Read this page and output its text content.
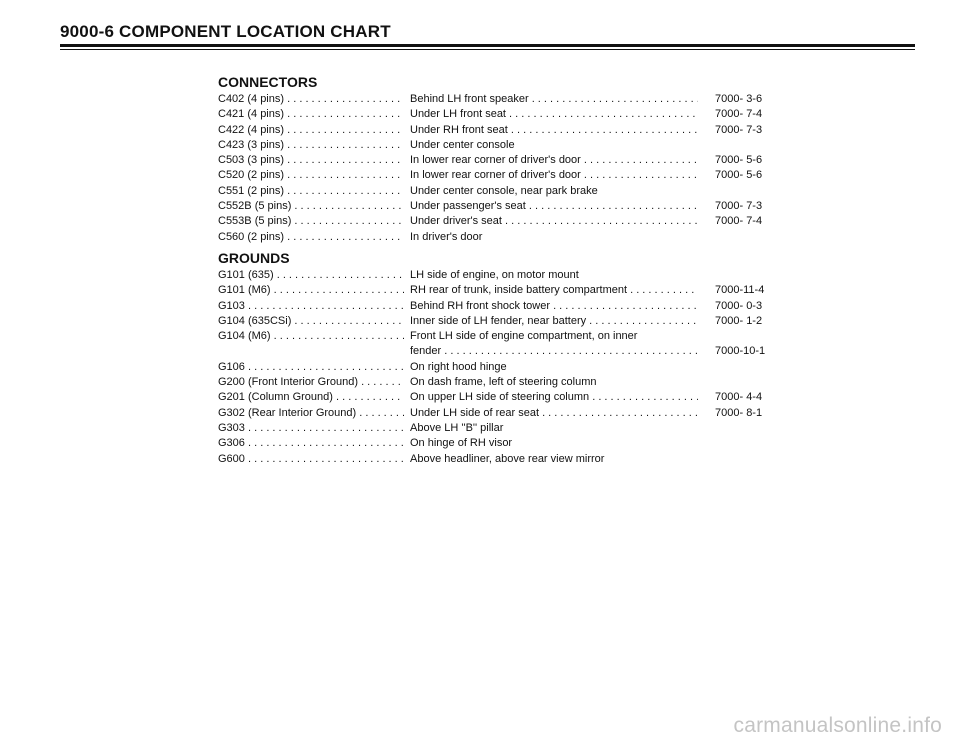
9000-6 COMPONENT LOCATION CHART
CONNECTORS
C402 (4 pins) . . .	Behind LH front speaker . . .	7000- 3-6
C421 (4 pins) . . .	Under LH front seat . . .	7000- 7-4
C422 (4 pins) . . .	Under RH front seat . . .	7000- 7-3
C423 (3 pins) . . .	Under center console
C503 (3 pins) . . .	In lower rear corner of driver's door . . .	7000- 5-6
C520 (2 pins) . . .	In lower rear corner of driver's door . . .	7000- 5-6
C551 (2 pins) . . .	Under center console, near park brake
C552B (5 pins) . . .	Under passenger's seat . . .	7000- 7-3
C553B (5 pins) . . .	Under driver's seat . . .	7000- 7-4
C560 (2 pins) . . .	In driver's door
GROUNDS
G101 (635) . . .	LH side of engine, on motor mount
G101 (M6) . . .	RH rear of trunk, inside battery compartment . . .	7000-11-4
G103 . . .	Behind RH front shock tower . . .	7000- 0-3
G104 (635CSi) . . .	Inner side of LH fender, near battery . . .	7000- 1-2
G104 (M6) . . .	Front LH side of engine compartment, on inner
fender . . .	7000-10-1
G106 . . .	On right hood hinge
G200 (Front Interior Ground) . . .	On dash frame, left of steering column
G201 (Column Ground) . . .	On upper LH side of steering column . . .	7000- 4-4
G302 (Rear Interior Ground) . . .	Under LH side of rear seat . . .	7000- 8-1
G303 . . .	Above LH ''B'' pillar
G306 . . .	On hinge of RH visor
G600 . . .	Above headliner, above rear view mirror
carmanualsonline.info
